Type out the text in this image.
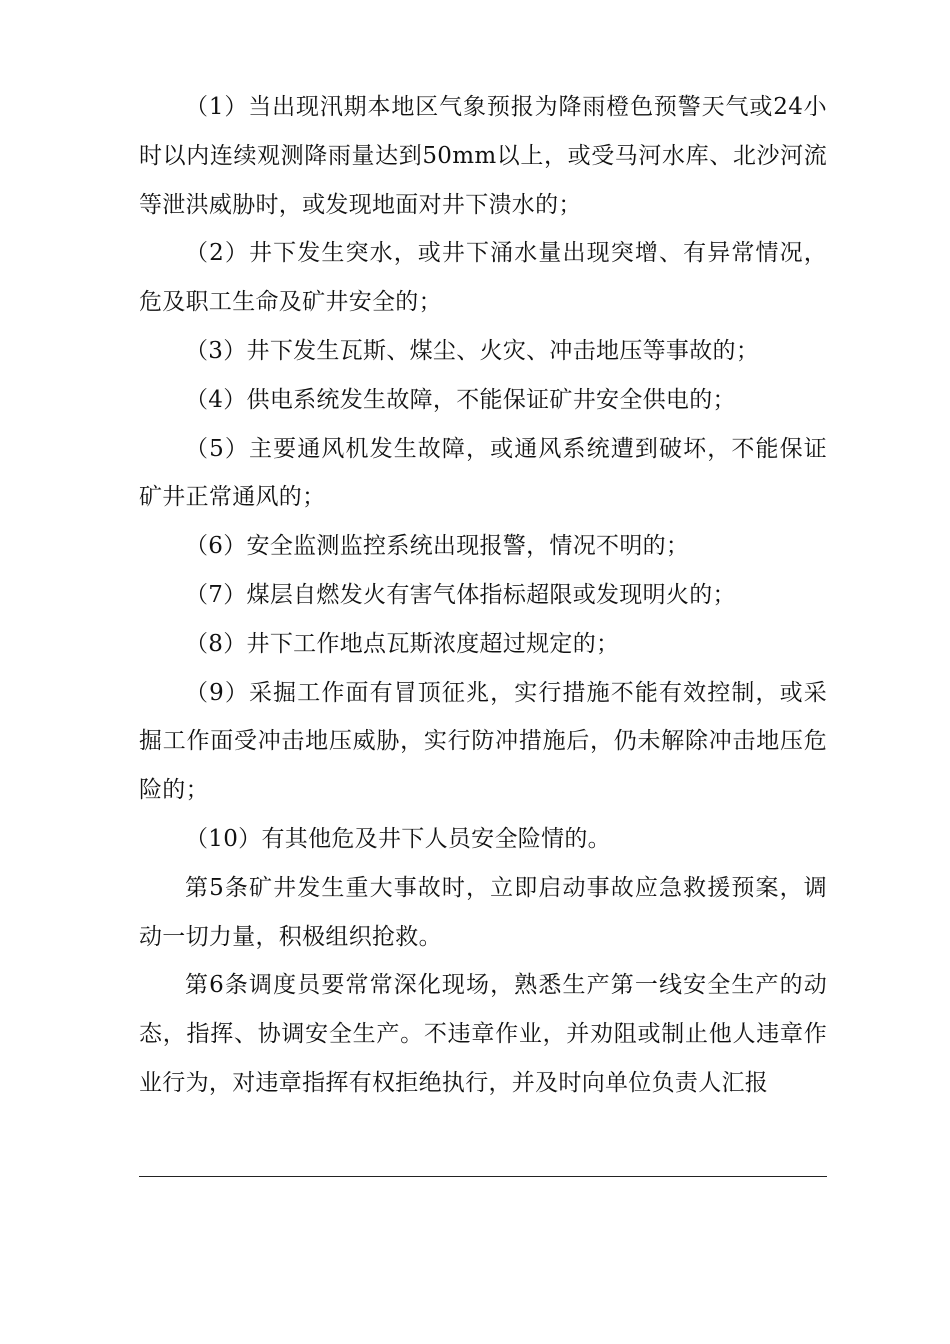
（1）当出现汛期本地区气象预报为降雨橙色预警天气或24小时以内连续观测降雨量达到50mm以上，或受马河水库、北沙河流等泄洪威胁时，或发现地面对井下溃水的；

（2）井下发生突水，或井下涌水量出现突增、有异常情况，危及职工生命及矿井安全的；

（3）井下发生瓦斯、煤尘、火灾、冲击地压等事故的；

（4）供电系统发生故障，不能保证矿井安全供电的；

（5）主要通风机发生故障，或通风系统遭到破坏，不能保证矿井正常通风的；

（6）安全监测监控系统出现报警，情况不明的；

（7）煤层自燃发火有害气体指标超限或发现明火的；

（8）井下工作地点瓦斯浓度超过规定的；

（9）采掘工作面有冒顶征兆，实行措施不能有效控制，或采掘工作面受冲击地压威胁，实行防冲措施后，仍未解除冲击地压危险的；

（10）有其他危及井下人员安全险情的。

第5条矿井发生重大事故时，立即启动事故应急救援预案，调动一切力量，积极组织抢救。

第6条调度员要常常深化现场，熟悉生产第一线安全生产的动态，指挥、协调安全生产。不违章作业，并劝阻或制止他人违章作业行为，对违章指挥有权拒绝执行，并及时向单位负责人汇报
